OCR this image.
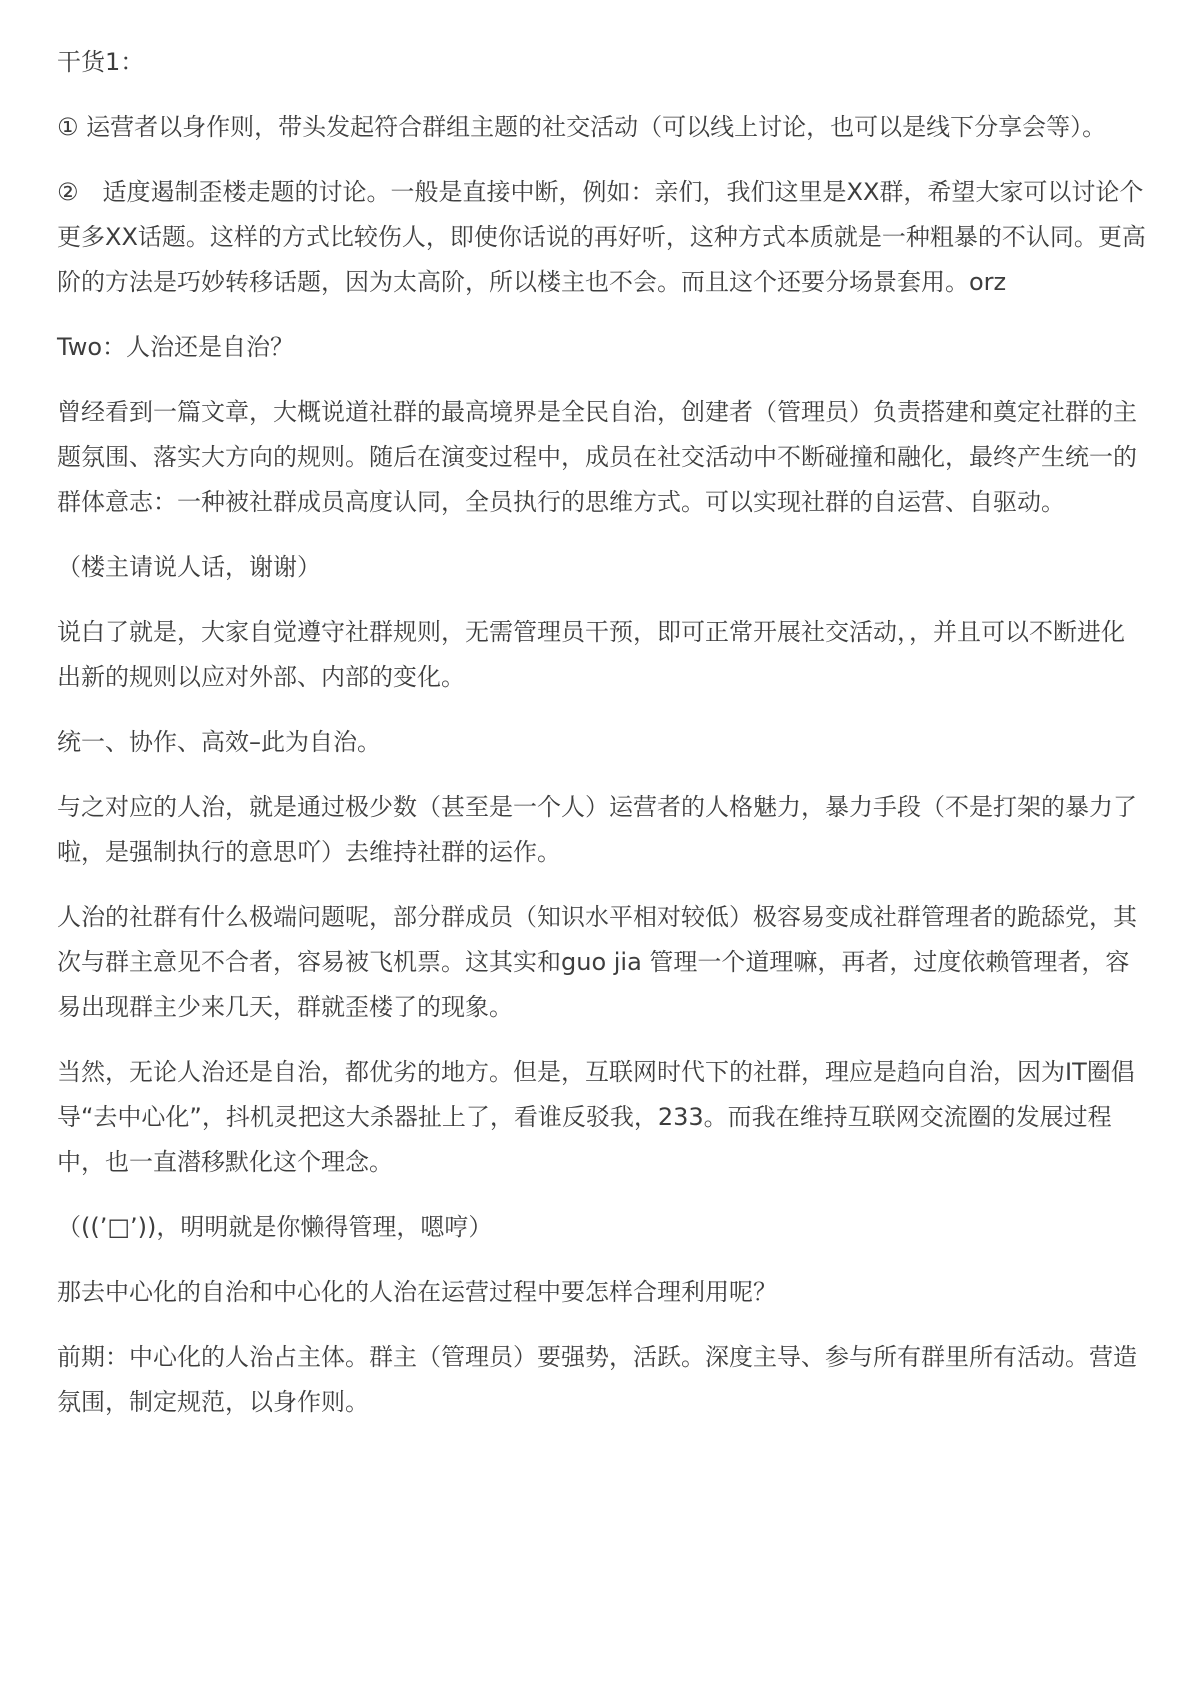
干货1：

① 运营者以身作则，带头发起符合群组主题的社交活动（可以线上讨论，也可以是线下分享会等）。

②　适度遏制歪楼走题的讨论。一般是直接中断，例如：亲们，我们这里是XX群，希望大家可以讨论个更多XX话题。这样的方式比较伤人，即使你话说的再好听，这种方式本质就是一种粗暴的不认同。更高阶的方法是巧妙转移话题，因为太高阶，所以楼主也不会。而且这个还要分场景套用。orz

Two：人治还是自治？

曾经看到一篇文章，大概说道社群的最高境界是全民自治，创建者（管理员）负责搭建和奠定社群的主题氛围、落实大方向的规则。随后在演变过程中，成员在社交活动中不断碰撞和融化，最终产生统一的群体意志：一种被社群成员高度认同，全员执行的思维方式。可以实现社群的自运营、自驱动。

（楼主请说人话，谢谢）

说白了就是，大家自觉遵守社群规则，无需管理员干预，即可正常开展社交活动，，并且可以不断进化出新的规则以应对外部、内部的变化。

统一、协作、高效–此为自治。

与之对应的人治，就是通过极少数（甚至是一个人）运营者的人格魅力，暴力手段（不是打架的暴力了啦，是强制执行的意思吖）去维持社群的运作。

人治的社群有什么极端问题呢，部分群成员（知识水平相对较低）极容易变成社群管理者的跪舔党，其次与群主意见不合者，容易被飞机票。这其实和guo jia 管理一个道理嘛，再者，过度依赖管理者，容易出现群主少来几天，群就歪楼了的现象。

当然，无论人治还是自治，都优劣的地方。但是，互联网时代下的社群，理应是趋向自治，因为IT圈倡导“去中心化”，抖机灵把这大杀器扯上了，看谁反驳我，233。而我在维持互联网交流圈的发展过程中，也一直潜移默化这个理念。

（((’□’))，明明就是你懒得管理，嗯哼）

那去中心化的自治和中心化的人治在运营过程中要怎样合理利用呢？

前期：中心化的人治占主体。群主（管理员）要强势，活跃。深度主导、参与所有群里所有活动。营造氛围，制定规范，以身作则。
